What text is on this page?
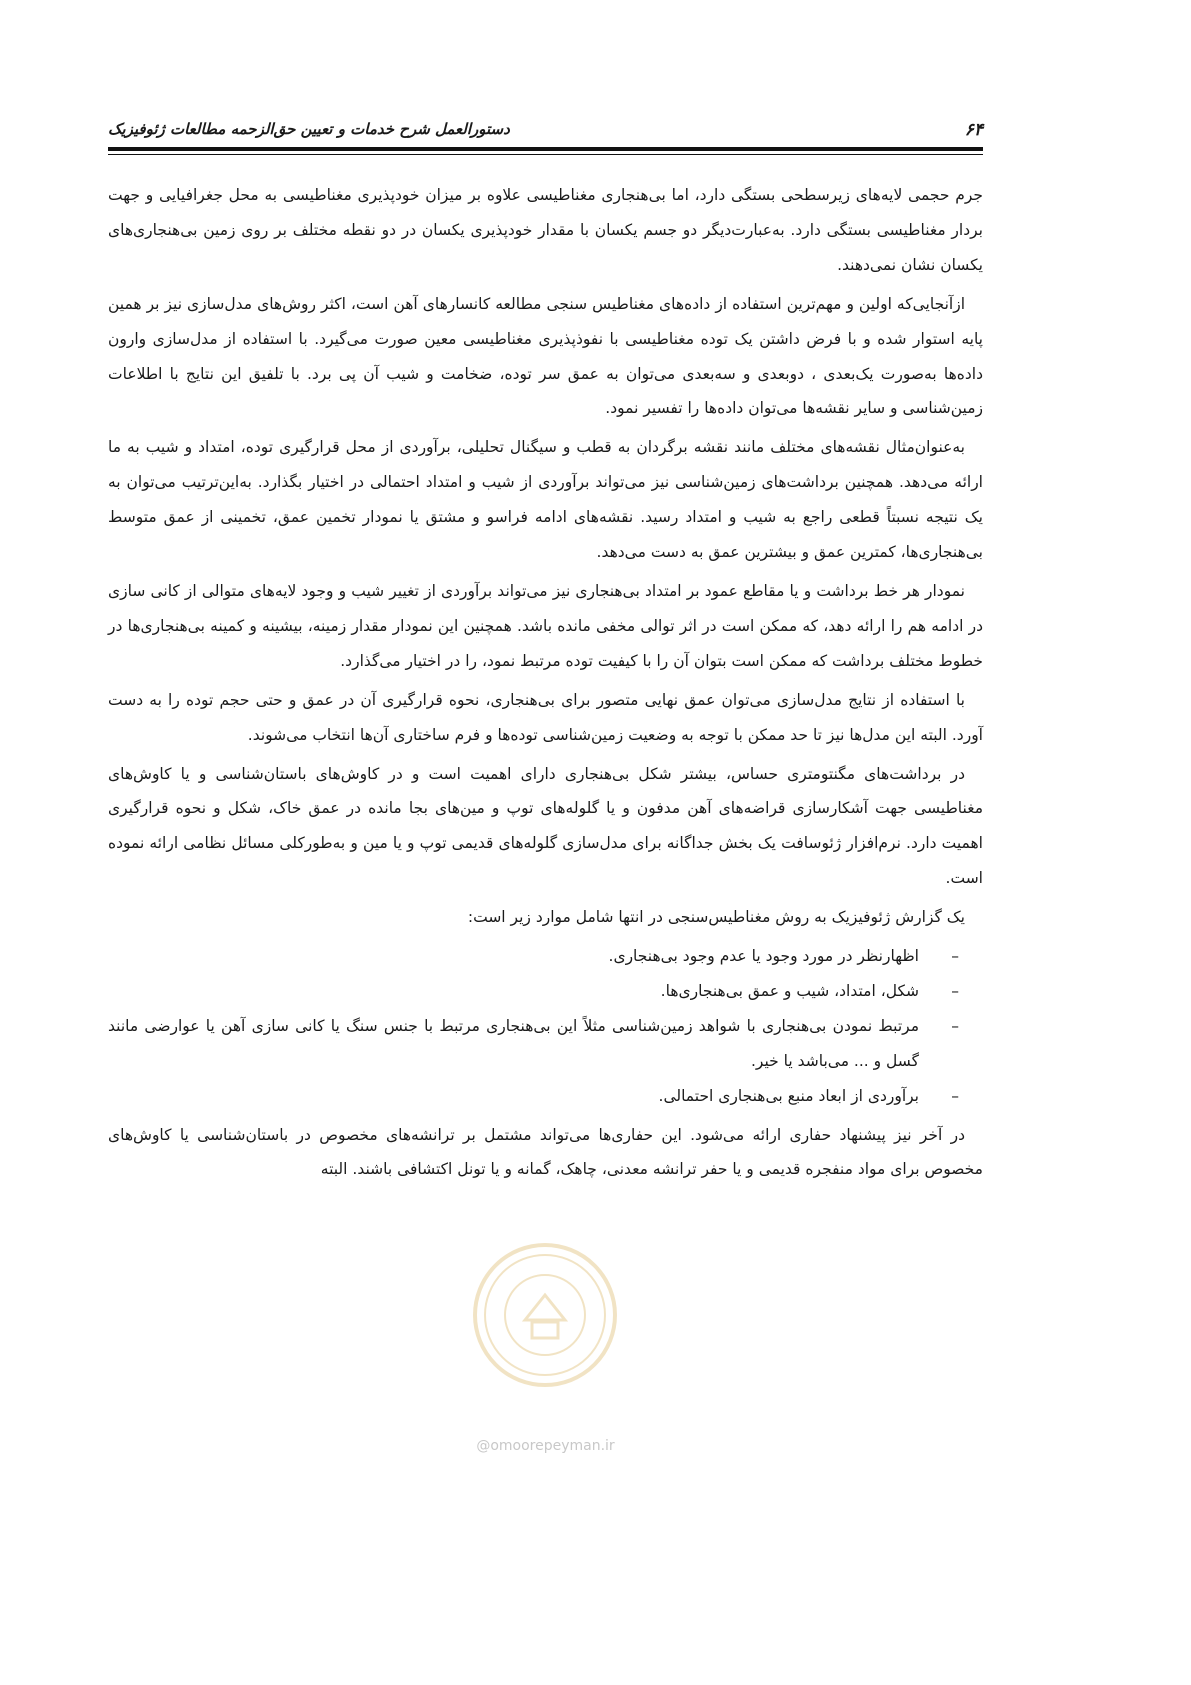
۶۴
دستورالعمل شرح خدمات و تعیین حق‌الزحمه مطالعات ژئوفیزیک

جرم حجمی لایه‌های زیرسطحی بستگی دارد، اما بی‌هنجاری مغناطیسی علاوه بر میزان خودپذیری مغناطیسی به محل جغرافیایی و جهت بردار مغناطیسی بستگی دارد. به‌عبارت‌دیگر دو جسم یکسان با مقدار خودپذیری یکسان در دو نقطه مختلف بر روی زمین بی‌هنجاری‌های یکسان نشان نمی‌دهند.

ازآنجایی‌که اولین و مهم‌ترین استفاده از داده‌های مغناطیس سنجی مطالعه کانسارهای آهن است، اکثر روش‌های مدل‌سازی نیز بر همین پایه استوار شده و با فرض داشتن یک توده مغناطیسی با نفوذپذیری مغناطیسی معین صورت می‌گیرد. با استفاده از مدل‌سازی وارون داده‌ها به‌صورت یک‌بعدی ، دوبعدی و سه‌بعدی می‌توان به عمق سر توده، ضخامت و شیب آن پی برد. با تلفیق این نتایج با اطلاعات زمین‌شناسی و سایر نقشه‌ها می‌توان داده‌ها را تفسیر نمود.

به‌عنوان‌مثال نقشه‌های مختلف مانند نقشه برگردان به قطب و سیگنال تحلیلی، برآوردی از محل قرارگیری توده، امتداد و شیب به ما ارائه می‌دهد. همچنین برداشت‌های زمین‌شناسی نیز می‌تواند برآوردی از شیب و امتداد احتمالی در اختیار بگذارد. به‌این‌ترتیب می‌توان به یک نتیجه نسبتاً قطعی راجع به شیب و امتداد رسید. نقشه‌های ادامه فراسو و مشتق یا نمودار تخمین عمق، تخمینی از عمق متوسط بی‌هنجاری‌ها، کمترین عمق و بیشترین عمق به دست می‌دهد.

نمودار هر خط برداشت و یا مقاطع عمود بر امتداد بی‌هنجاری نیز می‌تواند برآوردی از تغییر شیب و وجود لایه‌های متوالی از کانی سازی در ادامه هم را ارائه دهد، که ممکن است در اثر توالی مخفی مانده باشد. همچنین این نمودار مقدار زمینه، بیشینه و کمینه بی‌هنجاری‌ها در خطوط مختلف برداشت که ممکن است بتوان آن را با کیفیت توده مرتبط نمود، را در اختیار می‌گذارد.

با استفاده از نتایج مدل‌سازی می‌توان عمق نهایی متصور برای بی‌هنجاری، نحوه قرارگیری آن در عمق و حتی حجم توده را به دست آورد. البته این مدل‌ها نیز تا حد ممکن با توجه به وضعیت زمین‌شناسی توده‌ها و فرم ساختاری آن‌ها انتخاب می‌شوند.

در برداشت‌های مگنتومتری حساس، بیشتر شکل بی‌هنجاری دارای اهمیت است و در کاوش‌های باستان‌شناسی و یا کاوش‌های مغناطیسی جهت آشکارسازی قراضه‌های آهن مدفون و یا گلوله‌های توپ و مین‌های بجا مانده در عمق خاک، شکل و نحوه قرارگیری اهمیت دارد. نرم‌افزار ژئوسافت یک بخش جداگانه برای مدل‌سازی گلوله‌های قدیمی توپ و یا مین و به‌طورکلی مسائل نظامی ارائه نموده است.

یک گزارش ژئوفیزیک به روش مغناطیس‌سنجی در انتها شامل موارد زیر است:

–
اظهارنظر در مورد وجود یا عدم وجود بی‌هنجاری.
–
شکل، امتداد، شیب و عمق بی‌هنجاری‌ها.
–
مرتبط نمودن بی‌هنجاری با شواهد زمین‌شناسی مثلاً این بی‌هنجاری مرتبط با جنس سنگ یا کانی سازی آهن یا عوارضی مانند گسل و ... می‌باشد یا خیر.
–
برآوردی از ابعاد منبع بی‌هنجاری احتمالی.

در آخر نیز پیشنهاد حفاری ارائه می‌شود. این حفاری‌ها می‌تواند مشتمل بر ترانشه‌های مخصوص در باستان‌شناسی یا کاوش‌های مخصوص برای مواد منفجره قدیمی و یا حفر ترانشه معدنی، چاهک، گمانه و یا تونل اکتشافی باشند. البته

@omoorepeyman.ir
